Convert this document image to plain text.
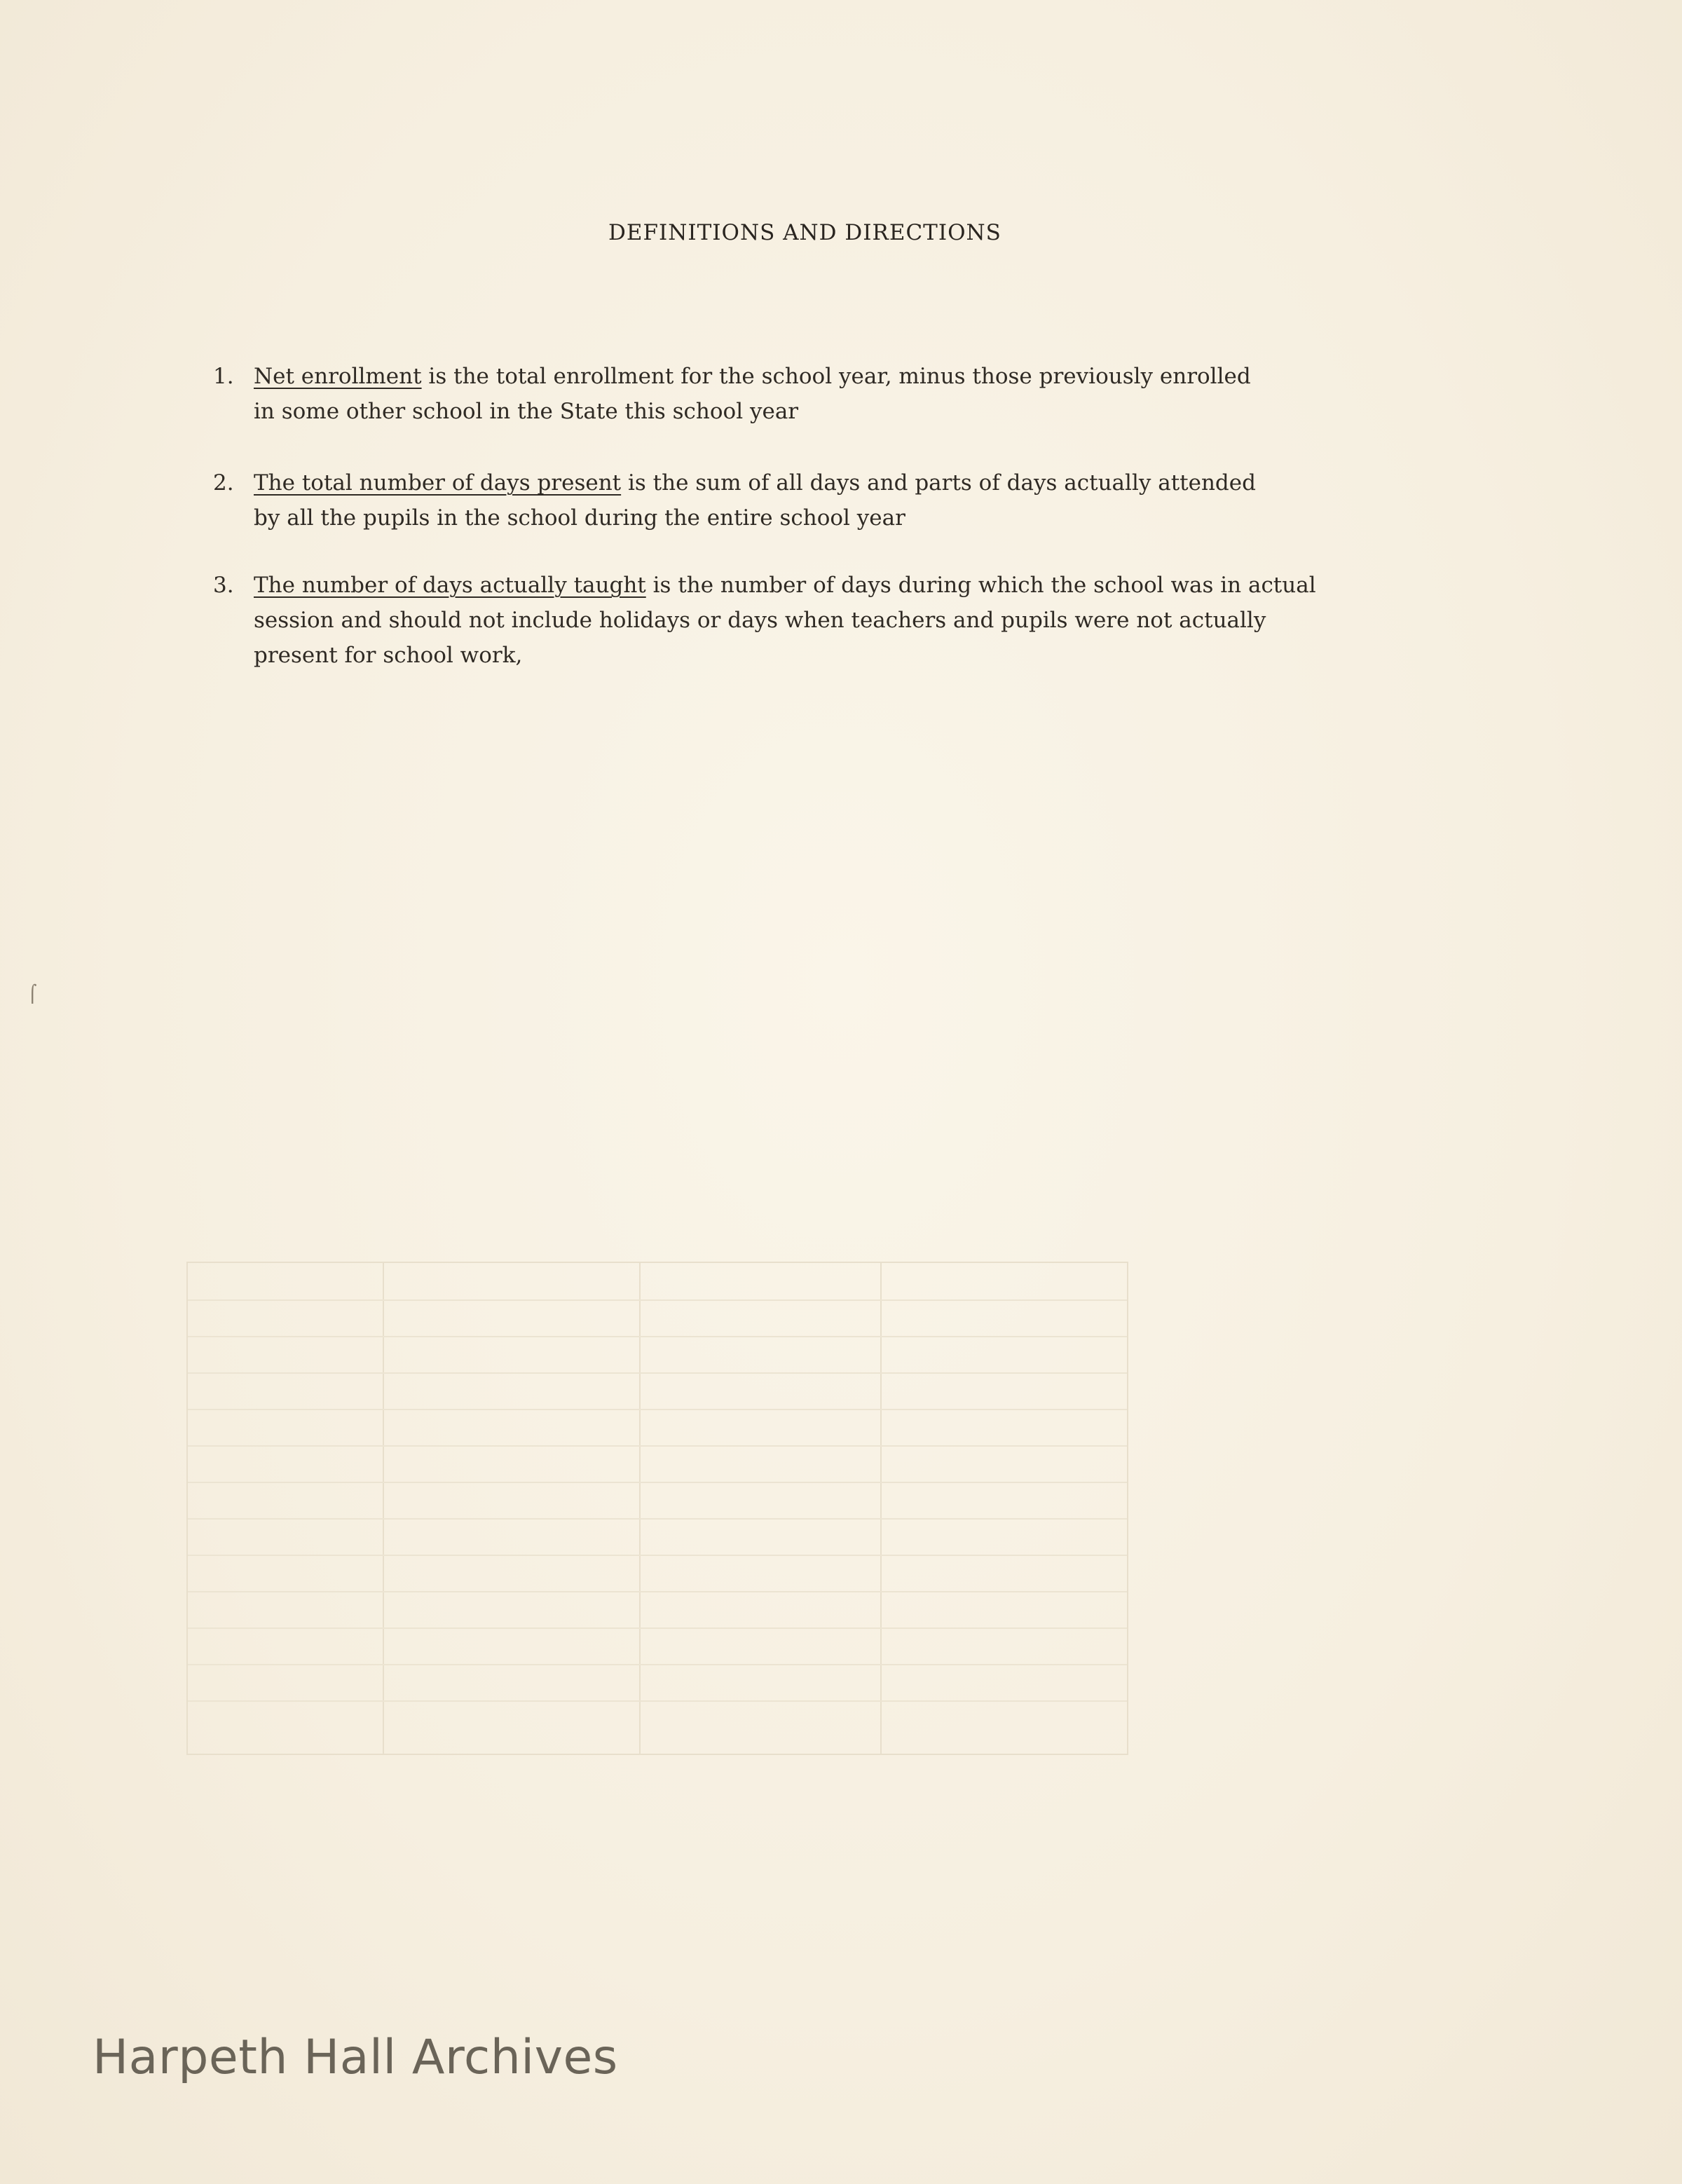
DEFINITIONS AND DIRECTIONS
1. Net enrollment is the total enrollment for the school year, minus those previously enrolled
in some other school in the State this school year
2. The total number of days present is the sum of all days and parts of days actually attended
by all the pupils in the school during the entire school year
3. The number of days actually taught is the number of days during which the school was in actual
session and should not include holidays or days when teachers and pupils were not actually
present for school work,
⌠
Harpeth Hall Archives
